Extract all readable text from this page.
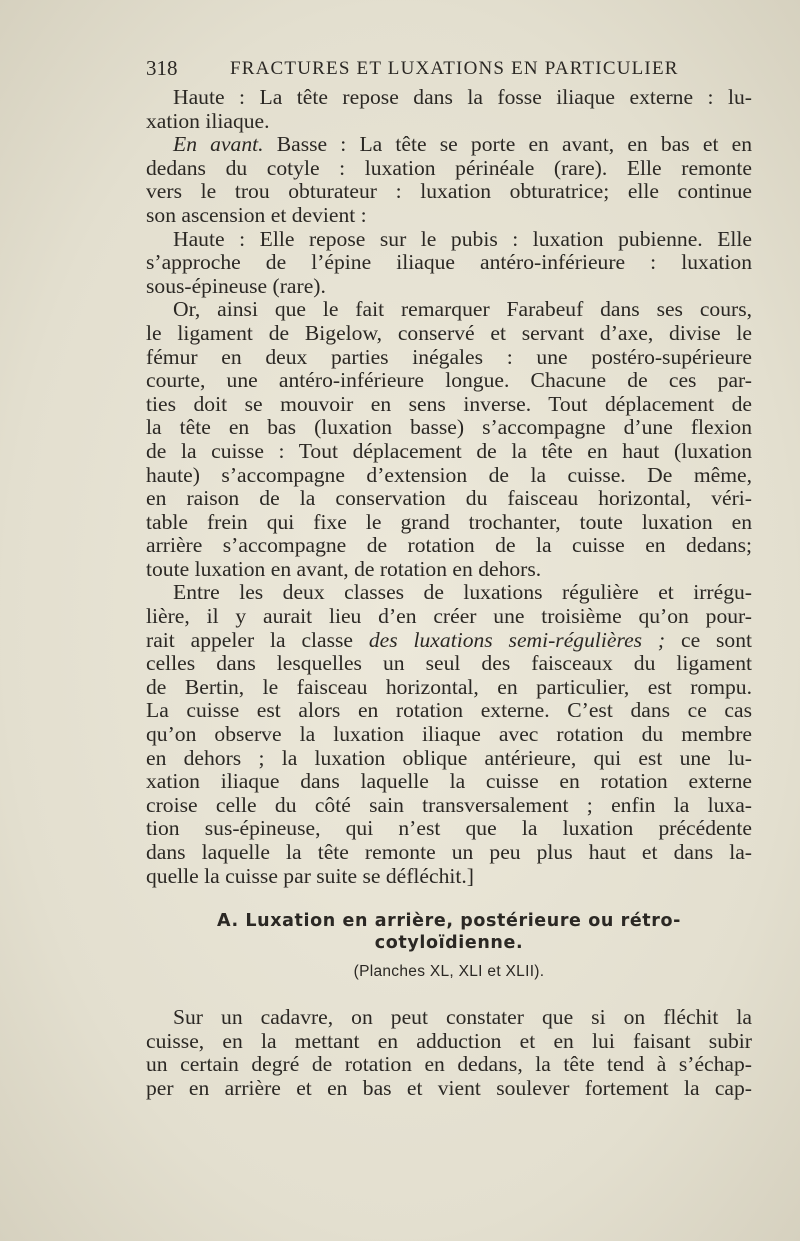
318	FRACTURES ET LUXATIONS EN PARTICULIER
Haute : La tête repose dans la fosse iliaque externe : lu-
xation iliaque.
En avant. Basse : La tête se porte en avant, en bas et en
dedans du cotyle : luxation périnéale (rare). Elle remonte
vers le trou obturateur : luxation obturatrice; elle continue
son ascension et devient :
Haute : Elle repose sur le pubis : luxation pubienne. Elle
s’approche de l’épine iliaque antéro-inférieure : luxation
sous-épineuse (rare).
Or, ainsi que le fait remarquer Farabeuf dans ses cours,
le ligament de Bigelow, conservé et servant d’axe, divise le
fémur en deux parties inégales : une postéro-supérieure
courte, une antéro-inférieure longue. Chacune de ces par-
ties doit se mouvoir en sens inverse. Tout déplacement de
la tête en bas (luxation basse) s’accompagne d’une flexion
de la cuisse : Tout déplacement de la tête en haut (luxation
haute) s’accompagne d’extension de la cuisse. De même,
en raison de la conservation du faisceau horizontal, véri-
table frein qui fixe le grand trochanter, toute luxation en
arrière s’accompagne de rotation de la cuisse en dedans;
toute luxation en avant, de rotation en dehors.
Entre les deux classes de luxations régulière et irrégu-
lière, il y aurait lieu d’en créer une troisième qu’on pour-
rait appeler la classe des luxations semi-régulières ; ce sont
celles dans lesquelles un seul des faisceaux du ligament
de Bertin, le faisceau horizontal, en particulier, est rompu.
La cuisse est alors en rotation externe. C’est dans ce cas
qu’on observe la luxation iliaque avec rotation du membre
en dehors ; la luxation oblique antérieure, qui est une lu-
xation iliaque dans laquelle la cuisse en rotation externe
croise celle du côté sain transversalement ; enfin la luxa-
tion sus-épineuse, qui n’est que la luxation précédente
dans laquelle la tête remonte un peu plus haut et dans la-
quelle la cuisse par suite se défléchit.]
A. Luxation en arrière, postérieure ou rétro-
cotyloïdienne.
(Planches XL, XLI et XLII).
Sur un cadavre, on peut constater que si on fléchit la
cuisse, en la mettant en adduction et en lui faisant subir
un certain degré de rotation en dedans, la tête tend à s’échap-
per en arrière et en bas et vient soulever fortement la cap-
